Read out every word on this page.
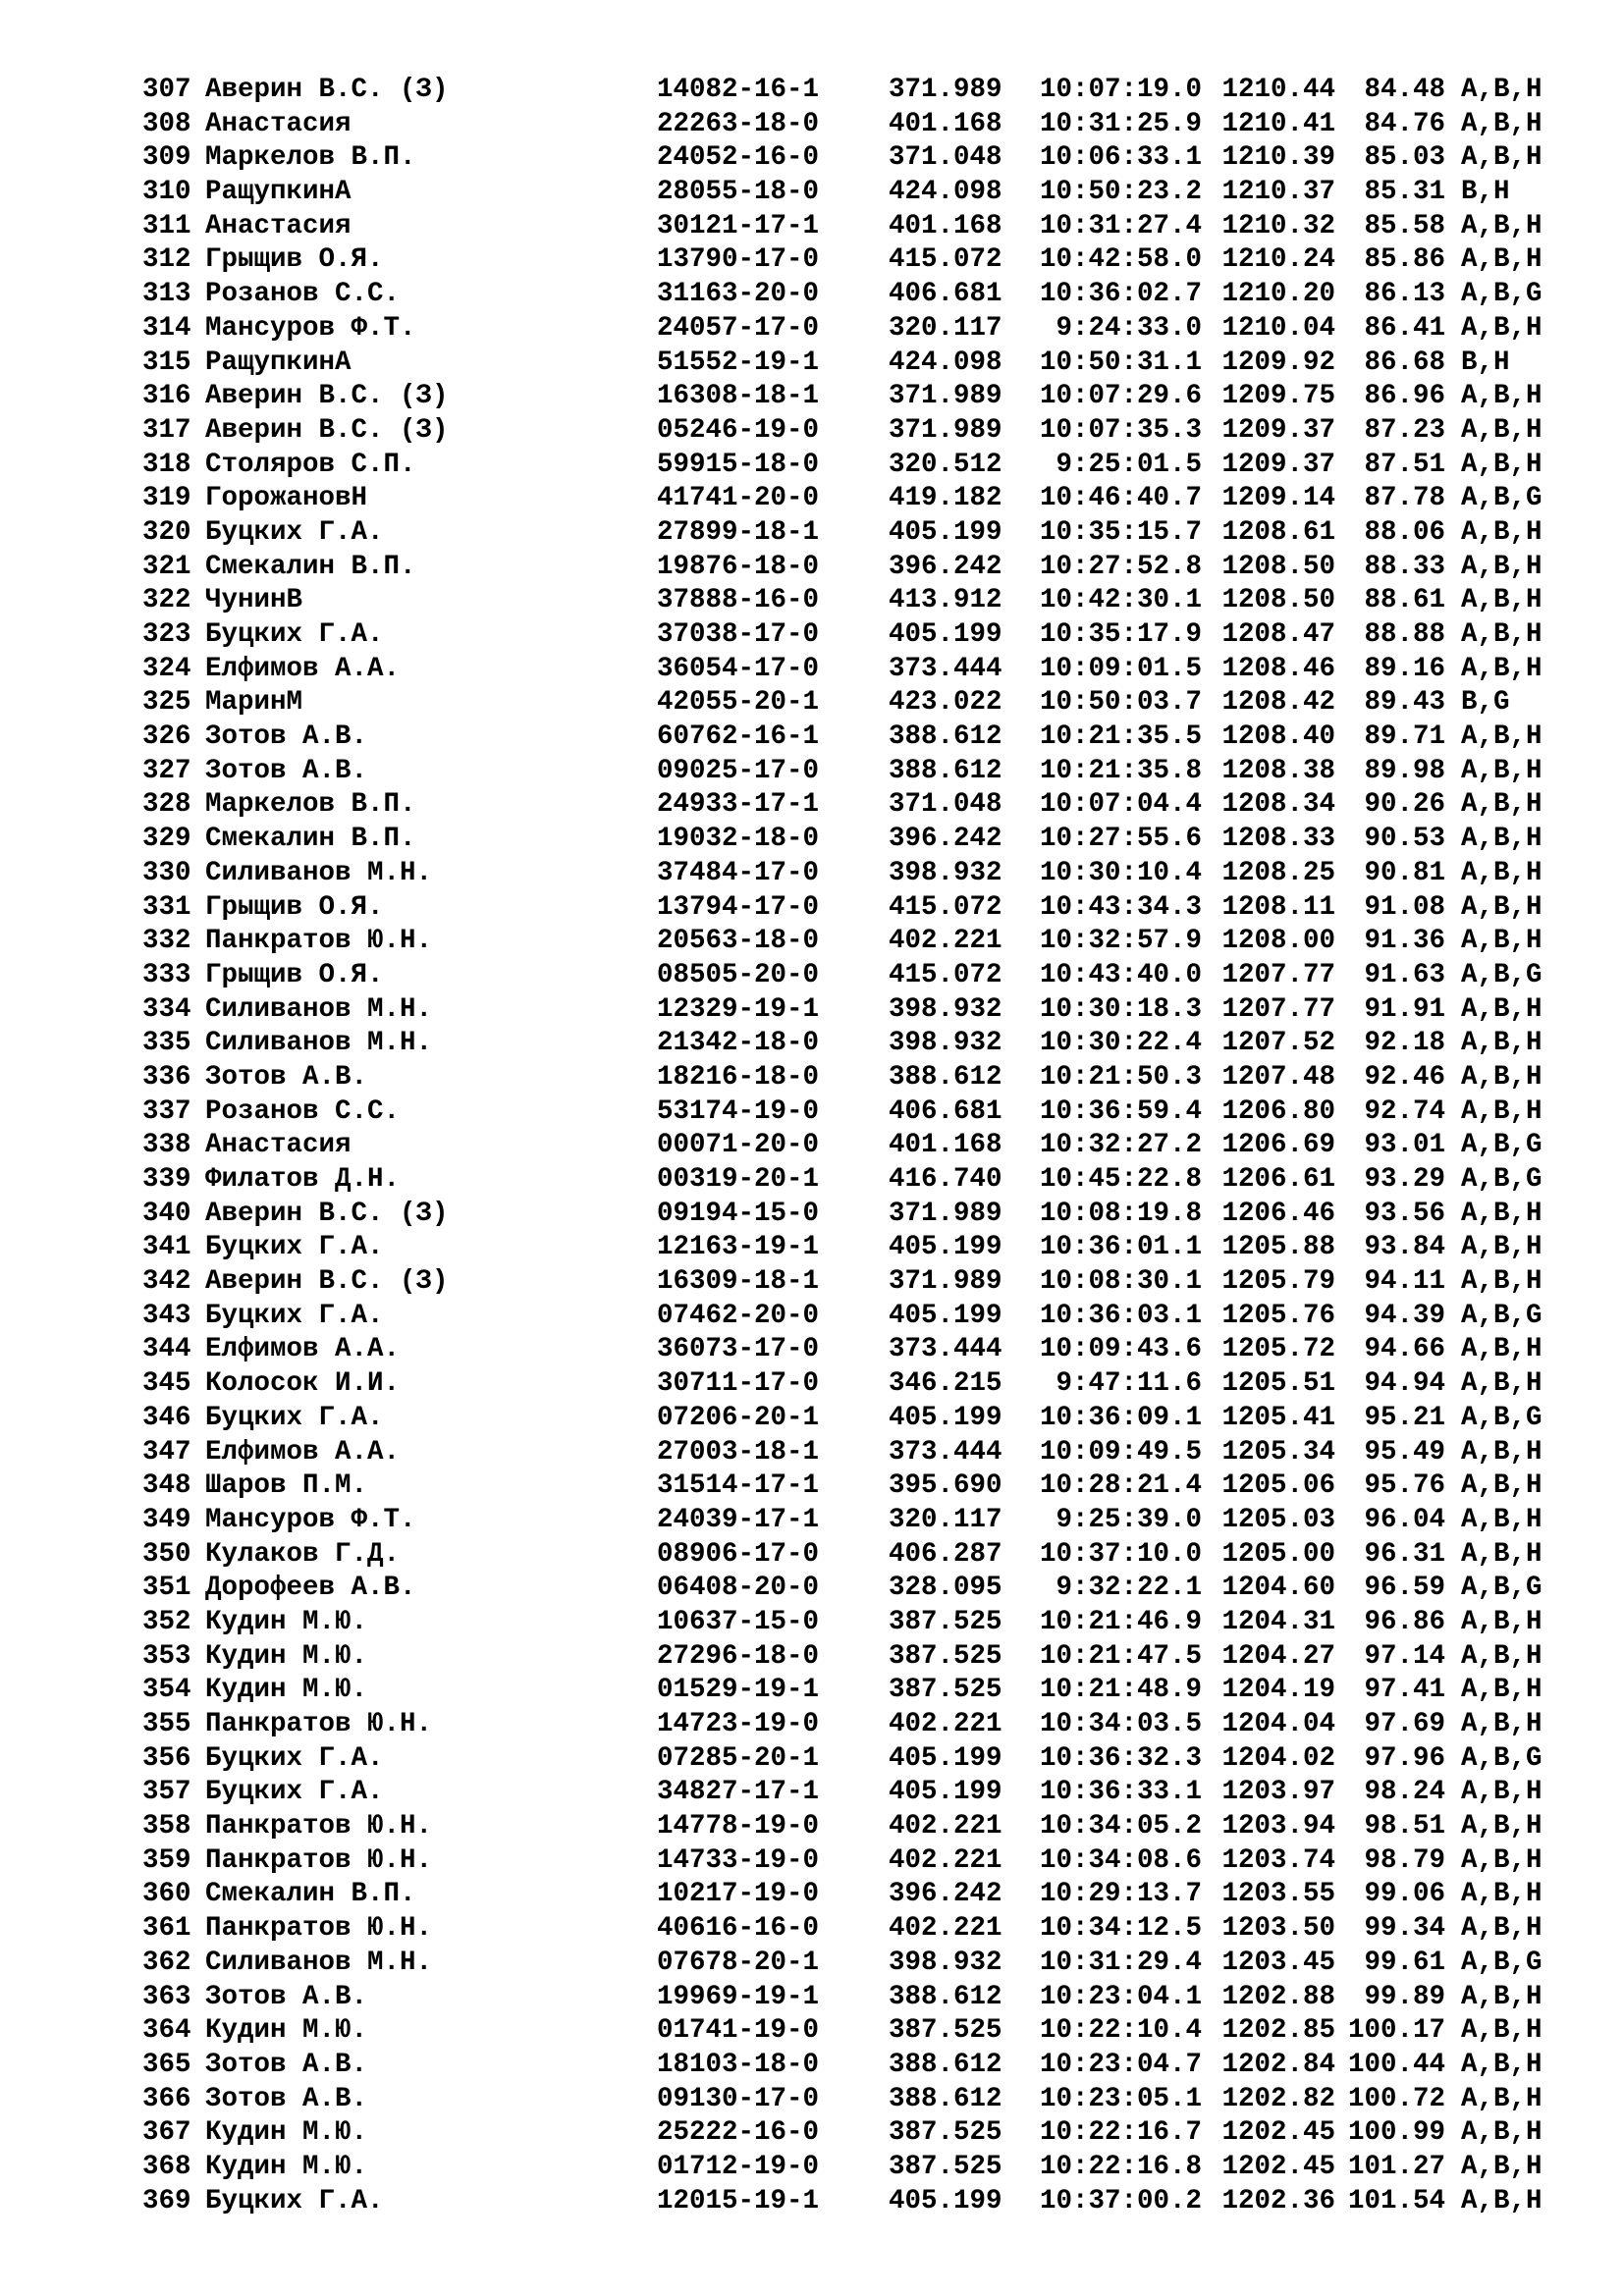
307 Аверин В.С. (З)	14082-16-1	371.989	10:07:19.0 1210.44	84.48 A,B,H
308 Анастасия	22263-18-0	401.168	10:31:25.9 1210.41	84.76 A,B,H
309 Маркелов В.П.	24052-16-0	371.048	10:06:33.1 1210.39	85.03 A,B,H
310 РащупкинА	28055-18-0	424.098	10:50:23.2 1210.37	85.31 B,H
311 Анастасия	30121-17-1	401.168	10:31:27.4 1210.32	85.58 A,B,H
312 Грыщив О.Я.	13790-17-0	415.072	10:42:58.0 1210.24	85.86 A,B,H
313 Розанов С.С.	31163-20-0	406.681	10:36:02.7 1210.20	86.13 A,B,G
314 Мансуров Ф.Т.	24057-17-0	320.117	9:24:33.0 1210.04	86.41 A,B,H
315 РащупкинА	51552-19-1	424.098	10:50:31.1 1209.92	86.68 B,H
316 Аверин В.С. (З)	16308-18-1	371.989	10:07:29.6 1209.75	86.96 A,B,H
317 Аверин В.С. (З)	05246-19-0	371.989	10:07:35.3 1209.37	87.23 A,B,H
318 Столяров С.П.	59915-18-0	320.512	9:25:01.5 1209.37	87.51 A,B,H
319 ГорожановН	41741-20-0	419.182	10:46:40.7 1209.14	87.78 A,B,G
320 Буцких Г.А.	27899-18-1	405.199	10:35:15.7 1208.61	88.06 A,B,H
321 Смекалин В.П.	19876-18-0	396.242	10:27:52.8 1208.50	88.33 A,B,H
322 ЧунинВ	37888-16-0	413.912	10:42:30.1 1208.50	88.61 A,B,H
323 Буцких Г.А.	37038-17-0	405.199	10:35:17.9 1208.47	88.88 A,B,H
324 Елфимов А.А.	36054-17-0	373.444	10:09:01.5 1208.46	89.16 A,B,H
325 МаринМ	42055-20-1	423.022	10:50:03.7 1208.42	89.43 B,G
326 Зотов А.В.	60762-16-1	388.612	10:21:35.5 1208.40	89.71 A,B,H
327 Зотов А.В.	09025-17-0	388.612	10:21:35.8 1208.38	89.98 A,B,H
328 Маркелов В.П.	24933-17-1	371.048	10:07:04.4 1208.34	90.26 A,B,H
329 Смекалин В.П.	19032-18-0	396.242	10:27:55.6 1208.33	90.53 A,B,H
330 Силиванов М.Н.	37484-17-0	398.932	10:30:10.4 1208.25	90.81 A,B,H
331 Грыщив О.Я.	13794-17-0	415.072	10:43:34.3 1208.11	91.08 A,B,H
332 Панкратов Ю.Н.	20563-18-0	402.221	10:32:57.9 1208.00	91.36 A,B,H
333 Грыщив О.Я.	08505-20-0	415.072	10:43:40.0 1207.77	91.63 A,B,G
334 Силиванов М.Н.	12329-19-1	398.932	10:30:18.3 1207.77	91.91 A,B,H
335 Силиванов М.Н.	21342-18-0	398.932	10:30:22.4 1207.52	92.18 A,B,H
336 Зотов А.В.	18216-18-0	388.612	10:21:50.3 1207.48	92.46 A,B,H
337 Розанов С.С.	53174-19-0	406.681	10:36:59.4 1206.80	92.74 A,B,H
338 Анастасия	00071-20-0	401.168	10:32:27.2 1206.69	93.01 A,B,G
339 Филатов Д.Н.	00319-20-1	416.740	10:45:22.8 1206.61	93.29 A,B,G
340 Аверин В.С. (З)	09194-15-0	371.989	10:08:19.8 1206.46	93.56 A,B,H
341 Буцких Г.А.	12163-19-1	405.199	10:36:01.1 1205.88	93.84 A,B,H
342 Аверин В.С. (З)	16309-18-1	371.989	10:08:30.1 1205.79	94.11 A,B,H
343 Буцких Г.А.	07462-20-0	405.199	10:36:03.1 1205.76	94.39 A,B,G
344 Елфимов А.А.	36073-17-0	373.444	10:09:43.6 1205.72	94.66 A,B,H
345 Колосок И.И.	30711-17-0	346.215	9:47:11.6 1205.51	94.94 A,B,H
346 Буцких Г.А.	07206-20-1	405.199	10:36:09.1 1205.41	95.21 A,B,G
347 Елфимов А.А.	27003-18-1	373.444	10:09:49.5 1205.34	95.49 A,B,H
348 Шаров П.М.	31514-17-1	395.690	10:28:21.4 1205.06	95.76 A,B,H
349 Мансуров Ф.Т.	24039-17-1	320.117	9:25:39.0 1205.03	96.04 A,B,H
350 Кулаков Г.Д.	08906-17-0	406.287	10:37:10.0 1205.00	96.31 A,B,H
351 Дорофеев А.В.	06408-20-0	328.095	9:32:22.1 1204.60	96.59 A,B,G
352 Кудин М.Ю.	10637-15-0	387.525	10:21:46.9 1204.31	96.86 A,B,H
353 Кудин М.Ю.	27296-18-0	387.525	10:21:47.5 1204.27	97.14 A,B,H
354 Кудин М.Ю.	01529-19-1	387.525	10:21:48.9 1204.19	97.41 A,B,H
355 Панкратов Ю.Н.	14723-19-0	402.221	10:34:03.5 1204.04	97.69 A,B,H
356 Буцких Г.А.	07285-20-1	405.199	10:36:32.3 1204.02	97.96 A,B,G
357 Буцких Г.А.	34827-17-1	405.199	10:36:33.1 1203.97	98.24 A,B,H
358 Панкратов Ю.Н.	14778-19-0	402.221	10:34:05.2 1203.94	98.51 A,B,H
359 Панкратов Ю.Н.	14733-19-0	402.221	10:34:08.6 1203.74	98.79 A,B,H
360 Смекалин В.П.	10217-19-0	396.242	10:29:13.7 1203.55	99.06 A,B,H
361 Панкратов Ю.Н.	40616-16-0	402.221	10:34:12.5 1203.50	99.34 A,B,H
362 Силиванов М.Н.	07678-20-1	398.932	10:31:29.4 1203.45	99.61 A,B,G
363 Зотов А.В.	19969-19-1	388.612	10:23:04.1 1202.88	99.89 A,B,H
364 Кудин М.Ю.	01741-19-0	387.525	10:22:10.4 1202.85 100.17 A,B,H
365 Зотов А.В.	18103-18-0	388.612	10:23:04.7 1202.84 100.44 A,B,H
366 Зотов А.В.	09130-17-0	388.612	10:23:05.1 1202.82 100.72 A,B,H
367 Кудин М.Ю.	25222-16-0	387.525	10:22:16.7 1202.45 100.99 A,B,H
368 Кудин М.Ю.	01712-19-0	387.525	10:22:16.8 1202.45 101.27 A,B,H
369 Буцких Г.А.	12015-19-1	405.199	10:37:00.2 1202.36 101.54 A,B,H
